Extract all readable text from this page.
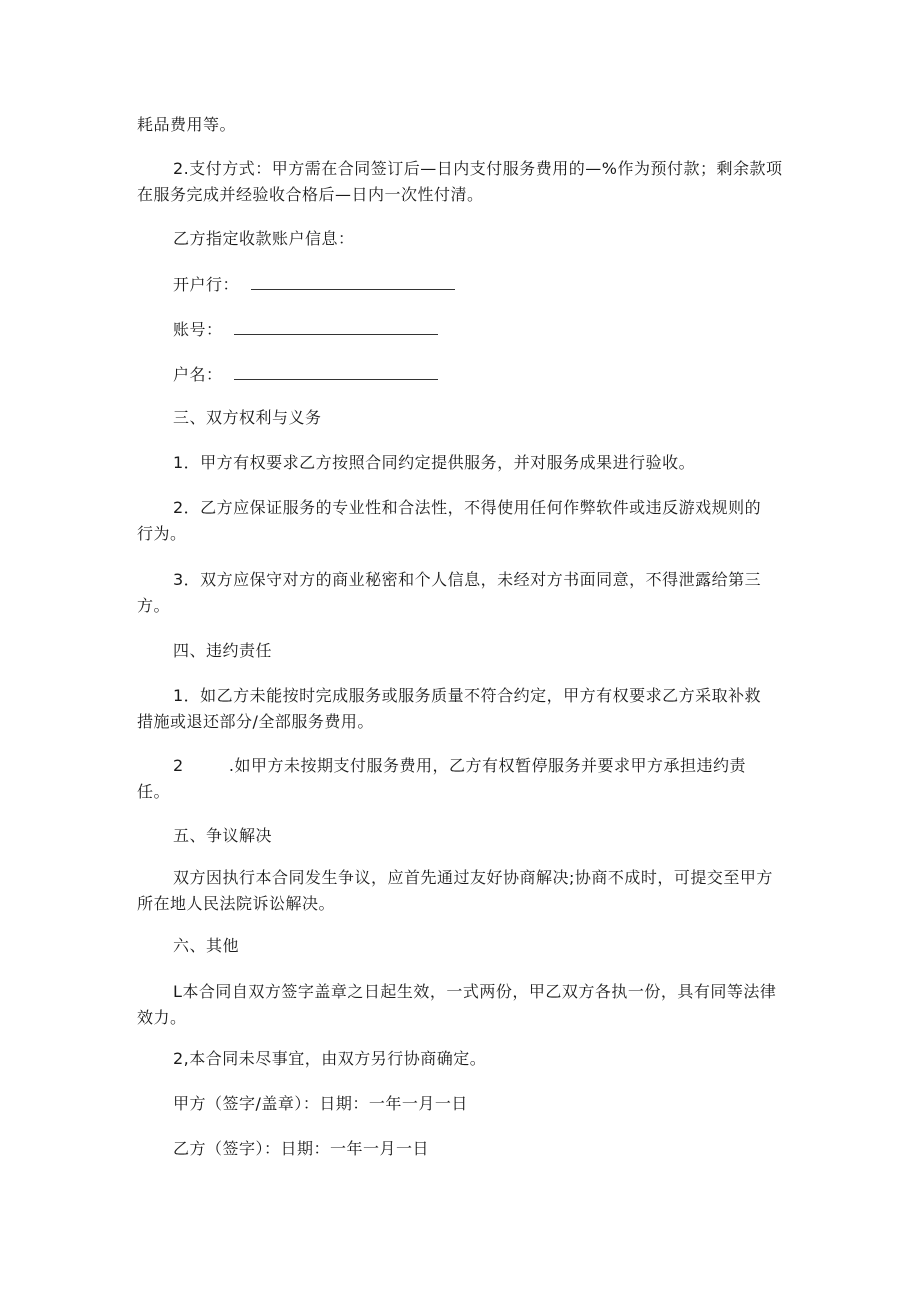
耗品费用等。
2.支付方式：甲方需在合同签订后—日内支付服务费用的—%作为预付款；剩余款项
在服务完成并经验收合格后—日内一次性付清。
乙方指定收款账户信息：
开户行：
账号：
户名：
三、双方权利与义务
1．甲方有权要求乙方按照合同约定提供服务，并对服务成果进行验收。
2．乙方应保证服务的专业性和合法性，不得使用任何作弊软件或违反游戏规则的
行为。
3．双方应保守对方的商业秘密和个人信息，未经对方书面同意，不得泄露给第三
方。
四、违约责任
1．如乙方未能按时完成服务或服务质量不符合约定，甲方有权要求乙方采取补救
措施或退还部分/全部服务费用。
2	.如甲方未按期支付服务费用，乙方有权暂停服务并要求甲方承担违约责
任。
五、争议解决
双方因执行本合同发生争议，应首先通过友好协商解决;协商不成时，可提交至甲方
所在地人民法院诉讼解决。
六、其他
L本合同自双方签字盖章之日起生效，一式两份，甲乙双方各执一份，具有同等法律
效力。
2,本合同未尽事宜，由双方另行协商确定。
甲方（签字/盖章）：日期：一年一月一日
乙方（签字）：日期：一年一月一日
